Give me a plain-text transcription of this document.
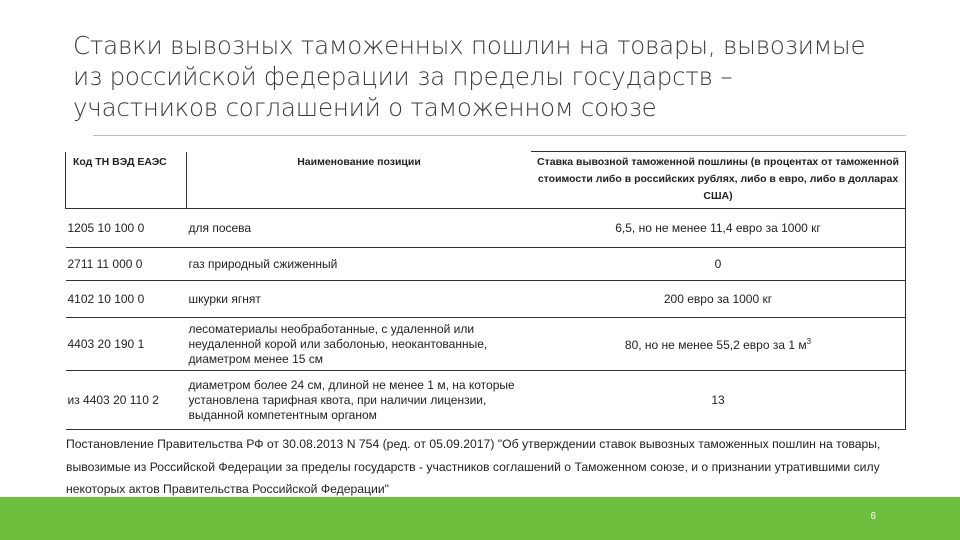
Ставки вывозных таможенных пошлин на товары, вывозимые
из российской федерации за пределы государств –
участников соглашений о таможенном союзе
Код ТН ВЭД ЕАЭС	Наименование позиции	Ставка вывозной таможенной пошлины (в процентах от таможенной стоимости либо в российских рублях, либо в евро, либо в долларах США)

1205 10 100 0	для посева	6,5, но не менее 11,4 евро за 1000 кг
2711 11 000 0	газ природный сжиженный	0
4102 10 100 0	шкурки ягнят	200 евро за 1000 кг
4403 20 190 1	лесоматериалы необработанные, с удаленной или неудаленной корой или заболонью, неокантованные, диаметром менее 15 см	80, но не менее 55,2 евро за 1 $м^3$
из 4403 20 110 2	диаметром более 24 см, длиной не менее 1 м, на которые установлена тарифная квота, при наличии лицензии, выданной компетентным органом	13
Постановление Правительства РФ от 30.08.2013 N 754 (ред. от 05.09.2017) "Об утверждении ставок вывозных таможенных пошлин на товары, вывозимые из Российской Федерации за пределы государств - участников соглашений о Таможенном союзе, и о признании утратившими силу некоторых актов Правительства Российской Федерации"
6
